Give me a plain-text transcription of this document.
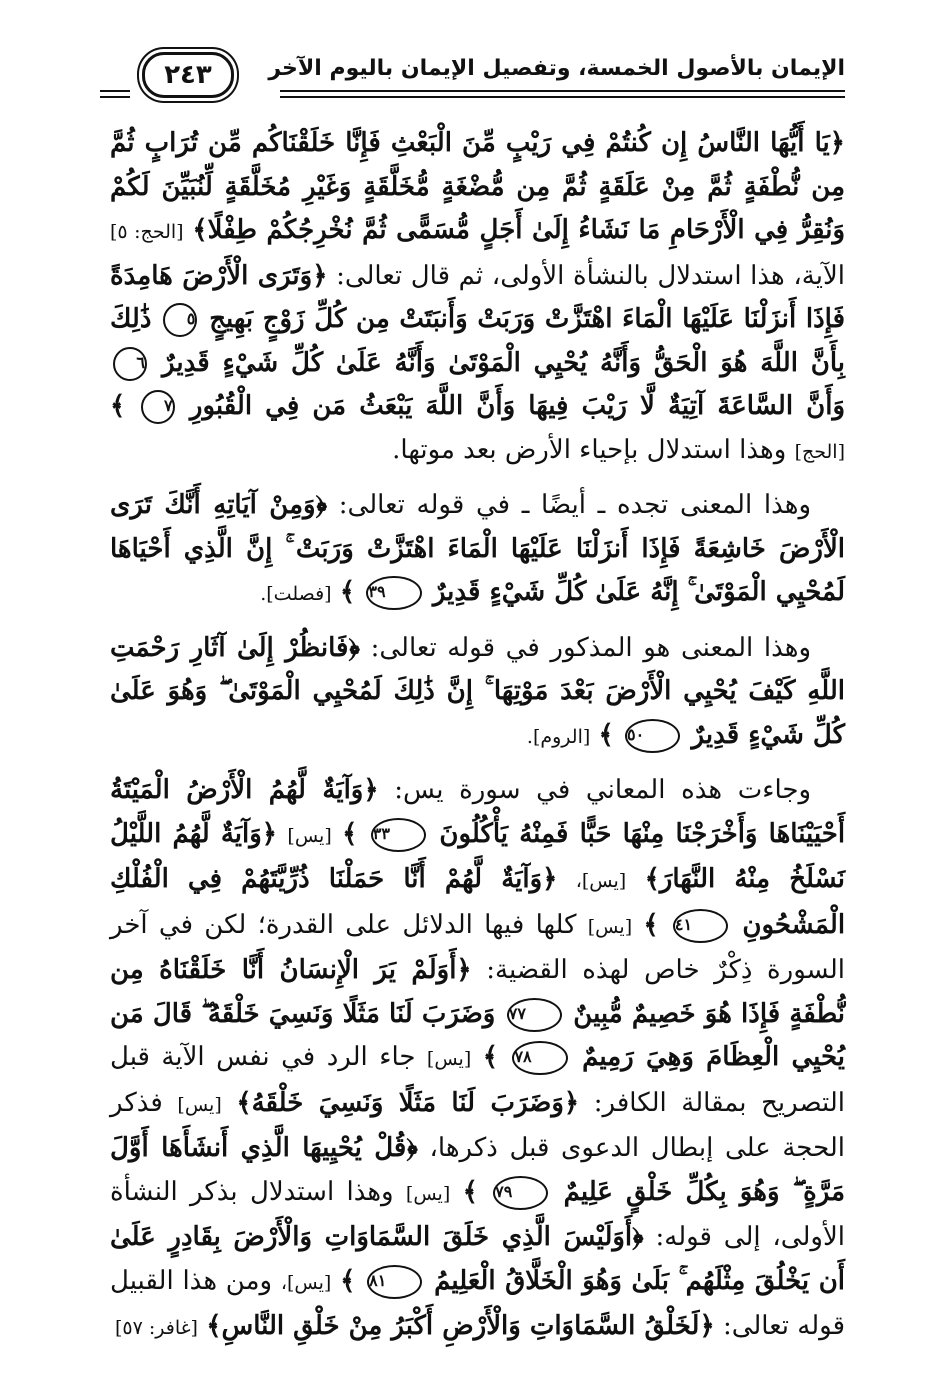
الإيمان بالأصول الخمسة، وتفصيل الإيمان باليوم الآخر
٢٤٣

﴿يَا أَيُّهَا النَّاسُ إِن كُنتُمْ فِي رَيْبٍ مِّنَ الْبَعْثِ فَإِنَّا خَلَقْنَاكُم مِّن تُرَابٍ ثُمَّ مِن نُّطْفَةٍ ثُمَّ مِنْ عَلَقَةٍ ثُمَّ مِن مُّضْغَةٍ مُّخَلَّقَةٍ وَغَيْرِ مُخَلَّقَةٍ لِّنُبَيِّنَ لَكُمْ وَنُقِرُّ فِي الْأَرْحَامِ مَا نَشَاءُ إِلَىٰ أَجَلٍ مُّسَمًّى ثُمَّ نُخْرِجُكُمْ طِفْلًا﴾ [الحج: ٥] الآية، هذا استدلال بالنشأة الأولى، ثم قال تعالى: ﴿وَتَرَى الْأَرْضَ هَامِدَةً فَإِذَا أَنزَلْنَا عَلَيْهَا الْمَاءَ اهْتَزَّتْ وَرَبَتْ وَأَنبَتَتْ مِن كُلِّ زَوْجٍ بَهِيجٍ ٥ ذَٰلِكَ بِأَنَّ اللَّهَ هُوَ الْحَقُّ وَأَنَّهُ يُحْيِي الْمَوْتَىٰ وَأَنَّهُ عَلَىٰ كُلِّ شَيْءٍ قَدِيرٌ ٦ وَأَنَّ السَّاعَةَ آتِيَةٌ لَّا رَيْبَ فِيهَا وَأَنَّ اللَّهَ يَبْعَثُ مَن فِي الْقُبُورِ ٧ ﴾ [الحج] وهذا استدلال بإحياء الأرض بعد موتها.

وهذا المعنى تجده ـ أيضًا ـ في قوله تعالى: ﴿وَمِنْ آيَاتِهِ أَنَّكَ تَرَى الْأَرْضَ خَاشِعَةً فَإِذَا أَنزَلْنَا عَلَيْهَا الْمَاءَ اهْتَزَّتْ وَرَبَتْ ۚ إِنَّ الَّذِي أَحْيَاهَا لَمُحْيِي الْمَوْتَىٰ ۚ إِنَّهُ عَلَىٰ كُلِّ شَيْءٍ قَدِيرٌ ٣٩ ﴾ [فصلت].

وهذا المعنى هو المذكور في قوله تعالى: ﴿فَانظُرْ إِلَىٰ آثَارِ رَحْمَتِ اللَّهِ كَيْفَ يُحْيِي الْأَرْضَ بَعْدَ مَوْتِهَا ۚ إِنَّ ذَٰلِكَ لَمُحْيِي الْمَوْتَىٰ ۖ وَهُوَ عَلَىٰ كُلِّ شَيْءٍ قَدِيرٌ ٥٠ ﴾ [الروم].

وجاءت هذه المعاني في سورة يس: ﴿وَآيَةٌ لَّهُمُ الْأَرْضُ الْمَيْتَةُ أَحْيَيْنَاهَا وَأَخْرَجْنَا مِنْهَا حَبًّا فَمِنْهُ يَأْكُلُونَ ٣٣ ﴾ [يس] ﴿وَآيَةٌ لَّهُمُ اللَّيْلُ نَسْلَخُ مِنْهُ النَّهَارَ﴾ [يس]، ﴿وَآيَةٌ لَّهُمْ أَنَّا حَمَلْنَا ذُرِّيَّتَهُمْ فِي الْفُلْكِ الْمَشْحُونِ ٤١ ﴾ [يس] كلها فيها الدلائل على القدرة؛ لكن في آخر السورة ذِكْرٌ خاص لهذه القضية: ﴿أَوَلَمْ يَرَ الْإِنسَانُ أَنَّا خَلَقْنَاهُ مِن نُّطْفَةٍ فَإِذَا هُوَ خَصِيمٌ مُّبِينٌ ٧٧ وَضَرَبَ لَنَا مَثَلًا وَنَسِيَ خَلْقَهُ ۖ قَالَ مَن يُحْيِي الْعِظَامَ وَهِيَ رَمِيمٌ ٧٨ ﴾ [يس] جاء الرد في نفس الآية قبل التصريح بمقالة الكافر: ﴿وَضَرَبَ لَنَا مَثَلًا وَنَسِيَ خَلْقَهُ﴾ [يس] فذكر الحجة على إبطال الدعوى قبل ذكرها، ﴿قُلْ يُحْيِيهَا الَّذِي أَنشَأَهَا أَوَّلَ مَرَّةٍ ۖ وَهُوَ بِكُلِّ خَلْقٍ عَلِيمٌ ٧٩ ﴾ [يس] وهذا استدلال بذكر النشأة الأولى، إلى قوله: ﴿أَوَلَيْسَ الَّذِي خَلَقَ السَّمَاوَاتِ وَالْأَرْضَ بِقَادِرٍ عَلَىٰ أَن يَخْلُقَ مِثْلَهُم ۚ بَلَىٰ وَهُوَ الْخَلَّاقُ الْعَلِيمُ ٨١ ﴾ [يس]، ومن هذا القبيل قوله تعالى: ﴿لَخَلْقُ السَّمَاوَاتِ وَالْأَرْضِ أَكْبَرُ مِنْ خَلْقِ النَّاسِ﴾ [غافر: ٥٧]
